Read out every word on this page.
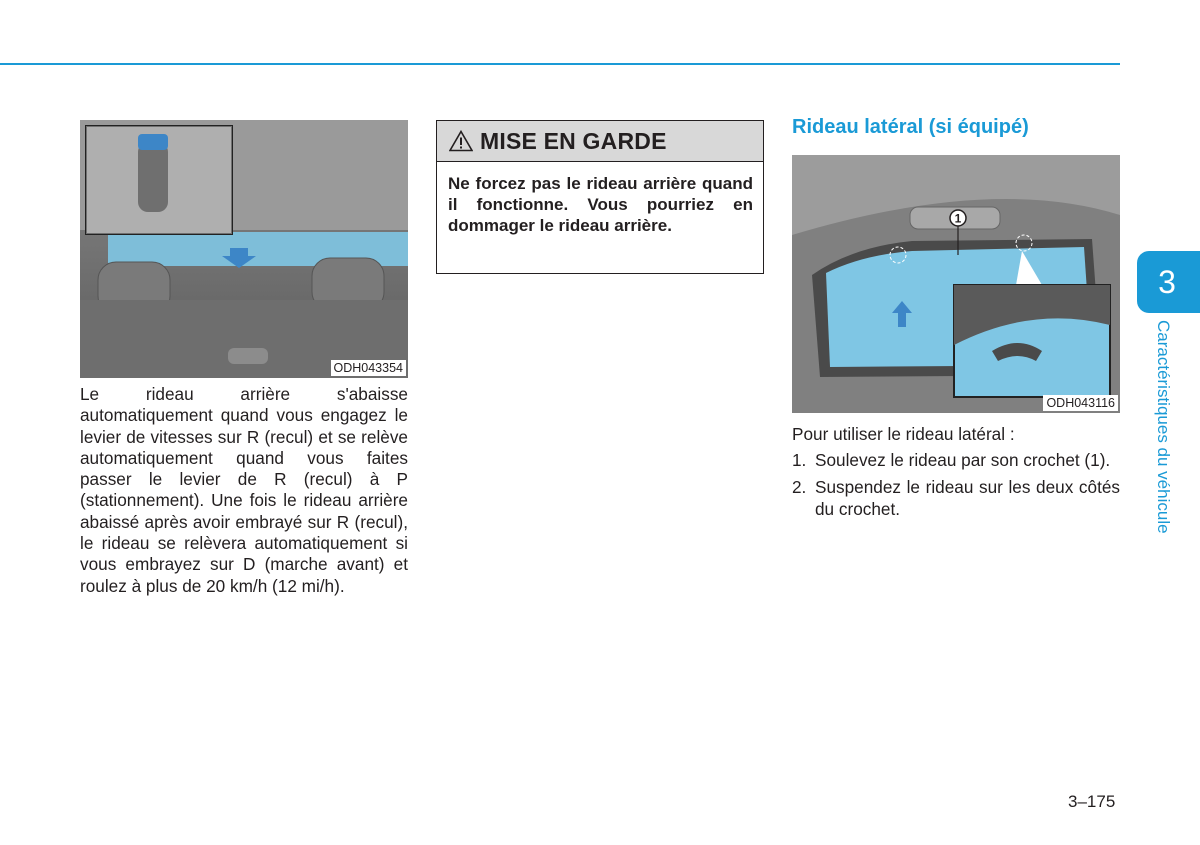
ODH043354

Le rideau arrière s'abaisse automatiquement quand vous engagez le levier de vitesses sur R (recul) et se relève automatiquement quand vous faites passer le levier de R (recul) à P (stationnement). Une fois le rideau arrière abaissé après avoir embrayé sur R (recul), le rideau se relèvera automatiquement si vous embrayez sur D (marche avant) et roulez à plus de 20 km/h (12 mi/h).

MISE EN GARDE
Ne forcez pas le rideau arrière quand il fonctionne. Vous pourriez en dommager le rideau arrière.
Rideau latéral (si équipé)
1
ODH043116

Pour utiliser le rideau latéral :

1. Soulevez le rideau par son crochet (1).
2. Suspendez le rideau sur les deux côtés du crochet.
3
Caractéristiques du véhicule
3–175
